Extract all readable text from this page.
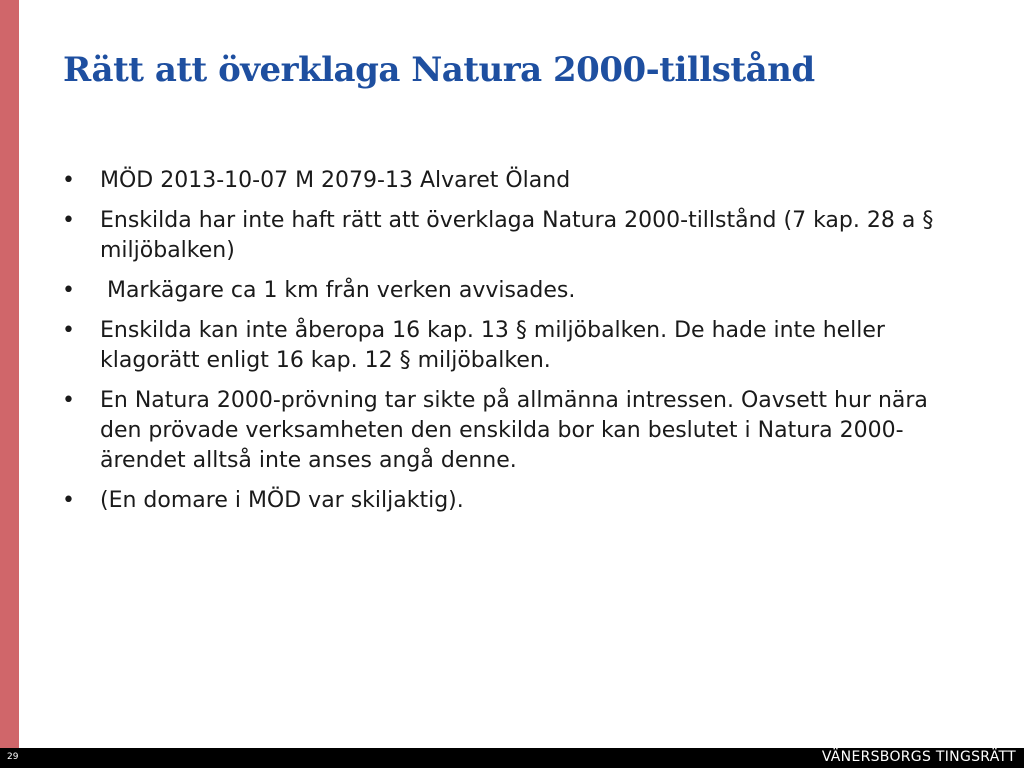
Rätt att överklaga Natura 2000-tillstånd
• MÖD 2013-10-07 M 2079-13 Alvaret Öland
• Enskilda har inte haft rätt att överklaga Natura 2000-tillstånd (7 kap. 28 a § miljöbalken)
•  Markägare ca 1 km från verken avvisades.
• Enskilda kan inte åberopa 16 kap. 13 § miljöbalken. De hade inte heller klagorätt enligt 16 kap. 12 § miljöbalken.
• En Natura 2000-prövning tar sikte på allmänna intressen. Oavsett hur nära den prövade verksamheten den enskilda bor kan beslutet i Natura 2000-ärendet alltså inte anses angå denne.
• (En domare i MÖD var skiljaktig).
29	VÄNERSBORGS TINGSRÄTT
